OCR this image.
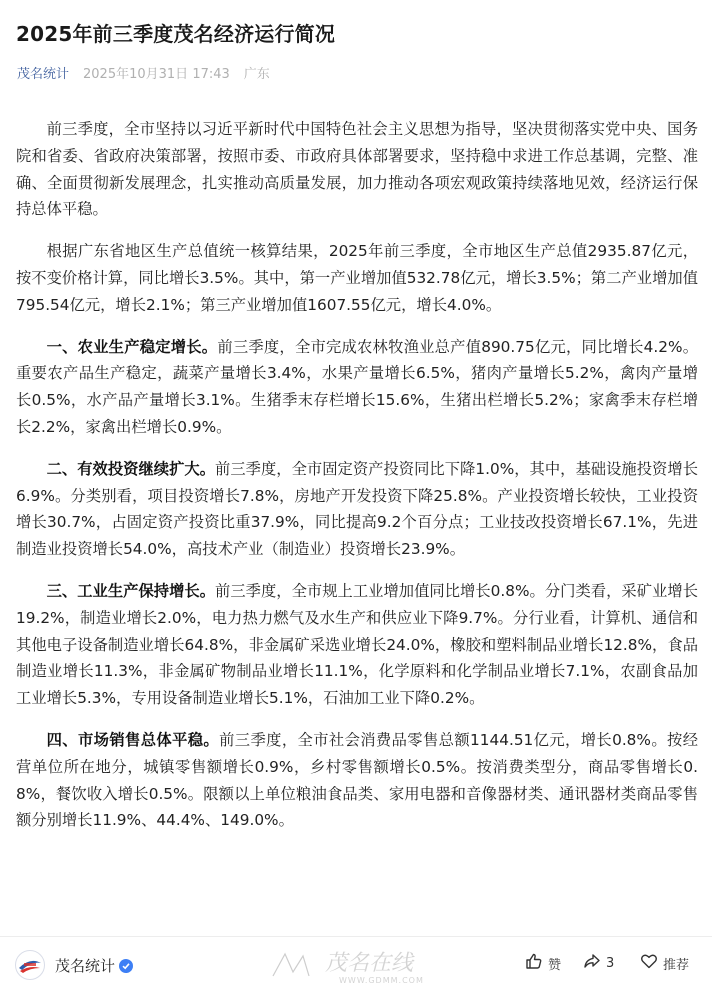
2025年前三季度茂名经济运行简况
茂名统计 2025年10月31日 17:43 广东

前三季度，全市坚持以习近平新时代中国特色社会主义思想为指导，坚决贯彻落实党中央、国务院和省委、省政府决策部署，按照市委、市政府具体部署要求，坚持稳中求进工作总基调，完整、准确、全面贯彻新发展理念，扎实推动高质量发展，加力推动各项宏观政策持续落地见效，经济运行保持总体平稳。

根据广东省地区生产总值统一核算结果，2025年前三季度，全市地区生产总值2935.87亿元，按不变价格计算，同比增长3.5%。其中，第一产业增加值532.78亿元，增长3.5%；第二产业增加值795.54亿元，增长2.1%；第三产业增加值1607.55亿元，增长4.0%。

一、农业生产稳定增长。前三季度，全市完成农林牧渔业总产值890.75亿元，同比增长4.2%。重要农产品生产稳定，蔬菜产量增长3.4%，水果产量增长6.5%，猪肉产量增长5.2%，禽肉产量增长0.5%，水产品产量增长3.1%。生猪季末存栏增长15.6%，生猪出栏增长5.2%；家禽季末存栏增长2.2%，家禽出栏增长0.9%。

二、有效投资继续扩大。前三季度，全市固定资产投资同比下降1.0%，其中，基础设施投资增长6.9%。分类别看，项目投资增长7.8%，房地产开发投资下降25.8%。产业投资增长较快，工业投资增长30.7%，占固定资产投资比重37.9%，同比提高9.2个百分点；工业技改投资增长67.1%，先进制造业投资增长54.0%，高技术产业（制造业）投资增长23.9%。

三、工业生产保持增长。前三季度，全市规上工业增加值同比增长0.8%。分门类看，采矿业增长19.2%，制造业增长2.0%，电力热力燃气及水生产和供应业下降9.7%。分行业看，计算机、通信和其他电子设备制造业增长64.8%，非金属矿采选业增长24.0%，橡胶和塑料制品业增长12.8%，食品制造业增长11.3%，非金属矿物制品业增长11.1%，化学原料和化学制品业增长7.1%，农副食品加工业增长5.3%，专用设备制造业增长5.1%，石油加工业下降0.2%。

四、市场销售总体平稳。前三季度，全市社会消费品零售总额1144.51亿元，增长0.8%。按经营单位所在地分，城镇零售额增长0.9%，乡村零售额增长0.5%。按消费类型分，商品零售增长0.8%，餐饮收入增长0.5%。限额以上单位粮油食品类、家用电器和音像器材类、通讯器材类商品零售额分别增长11.9%、44.4%、149.0%。

茂名统计	茂名在线
WWW.GDMM.COM
赞	3	推荐
